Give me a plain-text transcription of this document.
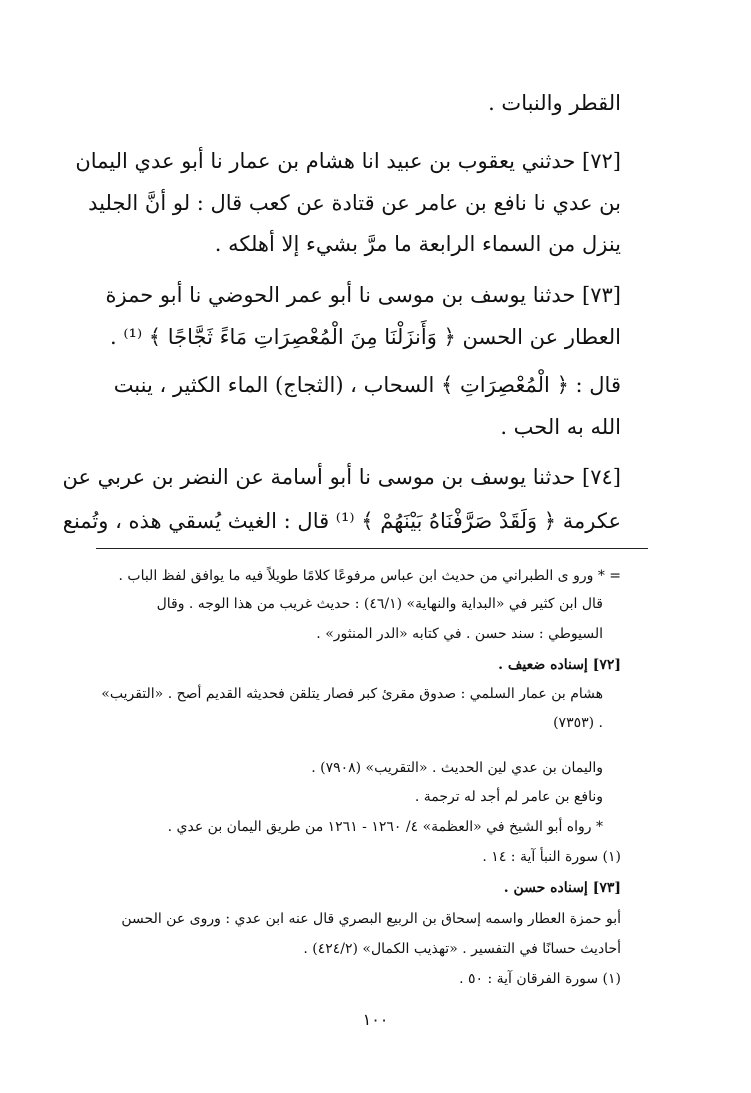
القطر والنبات .
[٧٢] حدثني يعقوب بن عبيد انا هشام بن عمار نا أبو عدي اليمان
بن عدي نا نافع بن عامر عن قتادة عن كعب قال : لو أنَّ الجليد
ينزل من السماء الرابعة ما مرَّ بشيء إلا أهلكه .
[٧٣] حدثنا يوسف بن موسى نا أبو عمر الحوضي نا أبو حمزة
العطار عن الحسن ﴿ وَأَنزَلْنَا مِنَ الْمُعْصِرَاتِ مَاءً ثَجَّاجًا ﴾ ⁽¹⁾ .
قال : ﴿ الْمُعْصِرَاتِ ﴾ السحاب ، (الثجاج) الماء الكثير ، ينبت
الله به الحب .
[٧٤] حدثنا يوسف بن موسى نا أبو أسامة عن النضر بن عربي عن
عكرمة ﴿ وَلَقَدْ صَرَّفْنَاهُ بَيْنَهُمْ ﴾ ⁽¹⁾ قال : الغيث يُسقي هذه ، وتُمنع
= * ورو ى الطبراني من حديث ابن عباس مرفوعًا كلامًا طويلاً فيه ما يوافق لفظ الباب .
قال ابن كثير في «البداية والنهاية» (٤٦/١) : حديث غريب من هذا الوجه . وقال
السيوطي : سند حسن . في كتابه «الدر المنثور» .
[٧٢] إسناده ضعيف .
هشام بن عمار السلمي : صدوق مقرئ كبر فصار يتلقن فحديثه القديم أصح . «التقريب»
(٧٣٥٣) .
واليمان بن عدي لين الحديث . «التقريب» (٧٩٠٨) .
ونافع بن عامر لم أجد له ترجمة .
* رواه أبو الشيخ في «العظمة» ٤/ ١٢٦٠ - ١٢٦١ من طريق اليمان بن عدي .
(١) سورة النبأ آية : ١٤ .
[٧٣] إسناده حسن .
أبو حمزة العطار واسمه إسحاق بن الربيع البصري قال عنه ابن عدي : وروى عن الحسن
أحاديث حسانًا في التفسير . «تهذيب الكمال» (٤٢٤/٢) .
(١) سورة الفرقان آية : ٥٠ .
١٠٠
